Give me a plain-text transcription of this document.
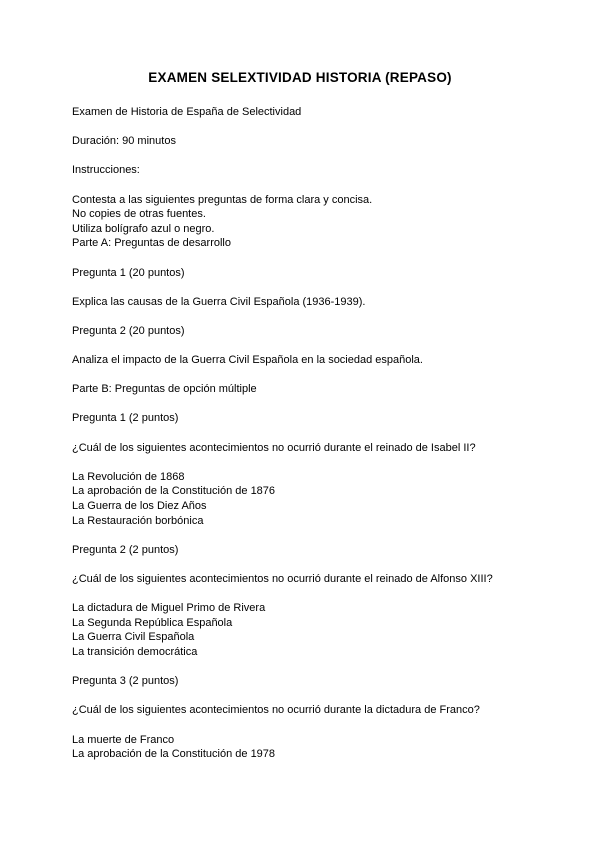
EXAMEN SELEXTIVIDAD HISTORIA (REPASO)
Examen de Historia de España de Selectividad
Duración: 90 minutos
Instrucciones:
Contesta a las siguientes preguntas de forma clara y concisa.
No copies de otras fuentes.
Utiliza bolígrafo azul o negro.
Parte A: Preguntas de desarrollo
Pregunta 1 (20 puntos)
Explica las causas de la Guerra Civil Española (1936-1939).
Pregunta 2 (20 puntos)
Analiza el impacto de la Guerra Civil Española en la sociedad española.
Parte B: Preguntas de opción múltiple
Pregunta 1 (2 puntos)
¿Cuál de los siguientes acontecimientos no ocurrió durante el reinado de Isabel II?
La Revolución de 1868
La aprobación de la Constitución de 1876
La Guerra de los Diez Años
La Restauración borbónica
Pregunta 2 (2 puntos)
¿Cuál de los siguientes acontecimientos no ocurrió durante el reinado de Alfonso XIII?
La dictadura de Miguel Primo de Rivera
La Segunda República Española
La Guerra Civil Española
La transición democrática
Pregunta 3 (2 puntos)
¿Cuál de los siguientes acontecimientos no ocurrió durante la dictadura de Franco?
La muerte de Franco
La aprobación de la Constitución de 1978
